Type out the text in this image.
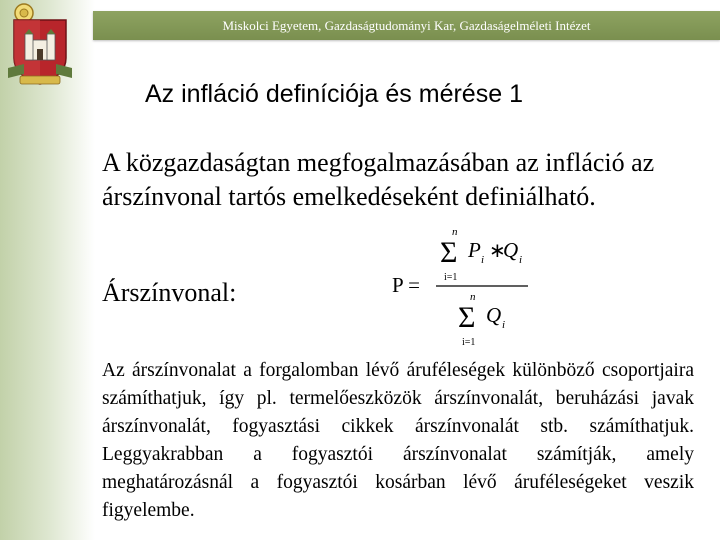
Miskolci Egyetem, Gazdaságtudományi Kar, Gazdaságelméleti Intézet
Az infláció definíciója és mérése 1
A közgazdaságtan megfogalmazásában az infláció az árszínvonal tartós emelkedéseként definiálható.
Árszínvonal:	P =
n
Σ
i=1
P i ∗
Q i
n
Σ
i=1
Q i
Az árszínvonalat a forgalomban lévő áruféleségek különböző csoportjaira számíthatjuk, így pl. termelőeszközök árszínvonalát, beruházási javak árszínvonalát, fogyasztási cikkek árszínvonalát stb. számíthatjuk. Leggyakrabban a fogyasztói árszínvonalat számítják, amely meghatározásnál a fogyasztói kosárban lévő áruféleségeket veszik figyelembe.
